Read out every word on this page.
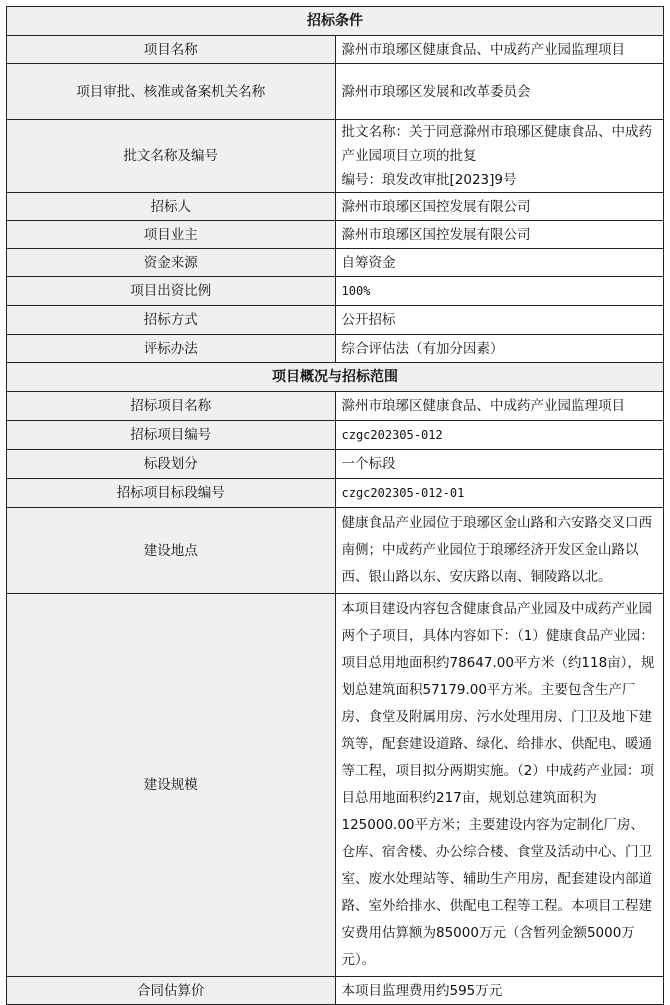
招标条件	
项目名称	滁州市琅琊区健康食品、中成药产业园监理项目
项目审批、核准或备案机关名称	滁州市琅琊区发展和改革委员会
批文名称及编号	批文名称：关于同意滁州市琅琊区健康食品、中成药产业园项目立项的批复
编号：琅发改审批[2023]9号

招标人	滁州市琅琊区国控发展有限公司
项目业主	滁州市琅琊区国控发展有限公司
资金来源	自筹资金
项目出资比例	100%
招标方式	公开招标
评标办法	综合评估法（有加分因素）
项目概况与招标范围	
招标项目名称	滁州市琅琊区健康食品、中成药产业园监理项目
招标项目编号	czgc202305-012
标段划分	一个标段
招标项目标段编号	czgc202305-012-01
建设地点	健康食品产业园位于琅琊区金山路和六安路交叉口西南侧；中成药产业园位于琅琊经济开发区金山路以西、银山路以东、安庆路以南、铜陵路以北。
建设规模	本项目建设内容包含健康食品产业园及中成药产业园两个子项目，具体内容如下：（1）健康食品产业园：项目总用地面积约78647.00平方米（约118亩），规划总建筑面积57179.00平方米。主要包含生产厂房、食堂及附属用房、污水处理用房、门卫及地下建筑等，配套建设道路、绿化、给排水、供配电、暖通等工程，项目拟分两期实施。（2）中成药产业园：项目总用地面积约217亩，规划总建筑面积为125000.00平方米；主要建设内容为定制化厂房、仓库、宿舍楼、办公综合楼、食堂及活动中心、门卫室、废水处理站等、辅助生产用房，配套建设内部道路、室外给排水、供配电工程等工程。本项目工程建安费用估算额为85000万元（含暂列金额5000万元）。
合同估算价	本项目监理费用约595万元
